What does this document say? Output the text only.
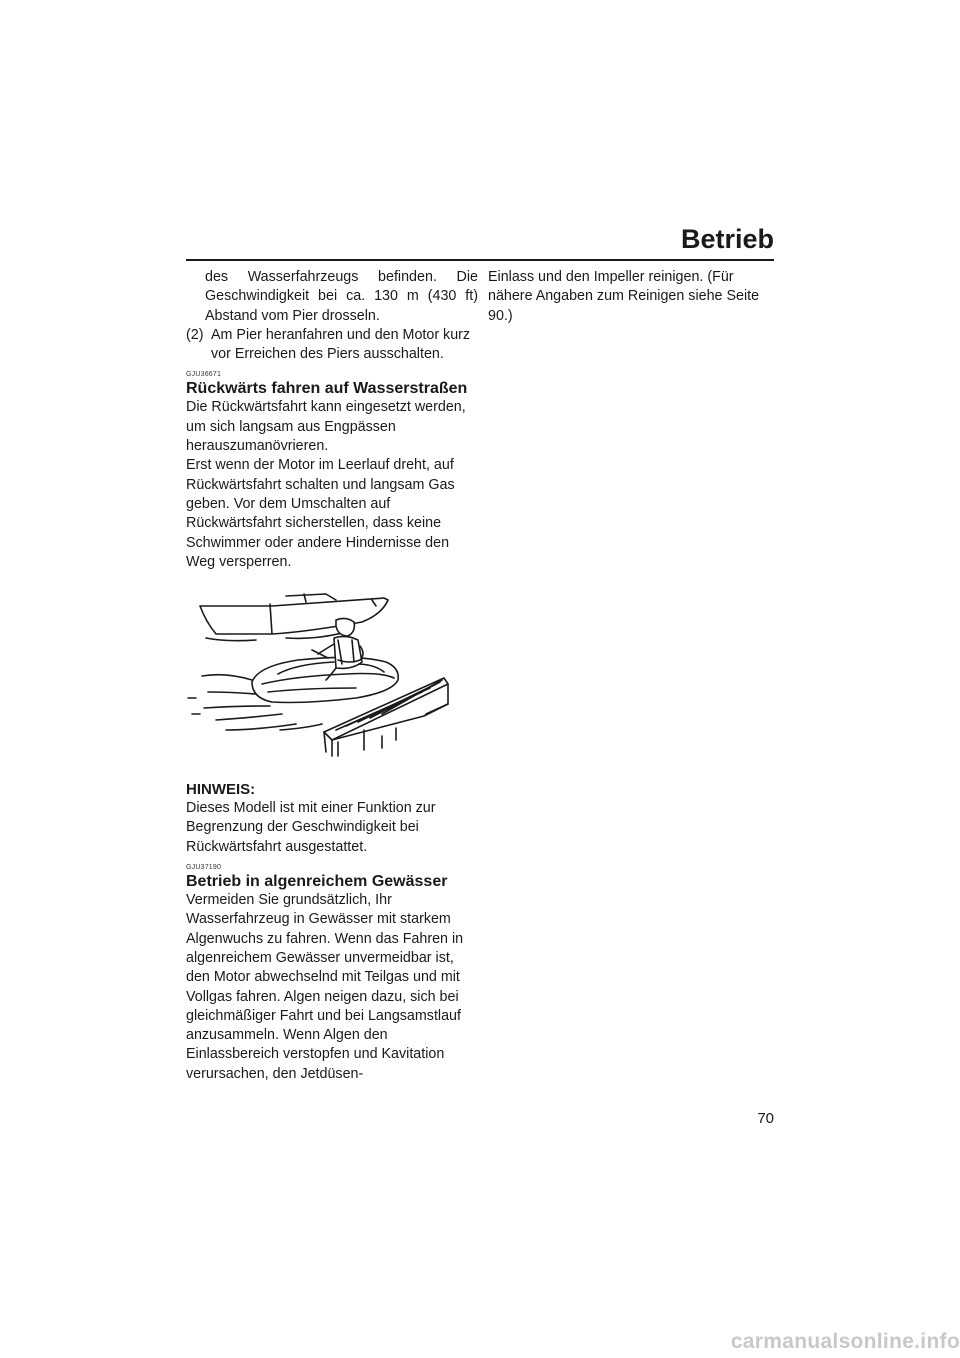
Betrieb

des Wasserfahrzeugs befinden. Die Geschwindigkeit bei ca. 130 m (430 ft) Abstand vom Pier drosseln.

(2) Am Pier heranfahren und den Motor kurz vor Erreichen des Piers ausschalten.
GJU36671
Rückwärts fahren auf Wasserstraßen

Die Rückwärtsfahrt kann eingesetzt werden, um sich langsam aus Engpässen herauszumanövrieren.

Erst wenn der Motor im Leerlauf dreht, auf Rückwärtsfahrt schalten und langsam Gas geben. Vor dem Umschalten auf Rückwärtsfahrt sicherstellen, dass keine Schwimmer oder andere Hindernisse den Weg versperren.

HINWEIS:

Dieses Modell ist mit einer Funktion zur Begrenzung der Geschwindigkeit bei Rückwärtsfahrt ausgestattet.

GJU37190
Betrieb in algenreichem Gewässer

Vermeiden Sie grundsätzlich, Ihr Wasserfahrzeug in Gewässer mit starkem Algenwuchs zu fahren. Wenn das Fahren in algenreichem Gewässer unvermeidbar ist, den Motor abwechselnd mit Teilgas und mit Vollgas fahren. Algen neigen dazu, sich bei gleichmäßiger Fahrt und bei Langsamstlauf anzusammeln. Wenn Algen den Einlassbereich verstopfen und Kavitation verursachen, den Jetdüsen-

Einlass und den Impeller reinigen. (Für nähere Angaben zum Reinigen siehe Seite 90.)

70
carmanualsonline.info
